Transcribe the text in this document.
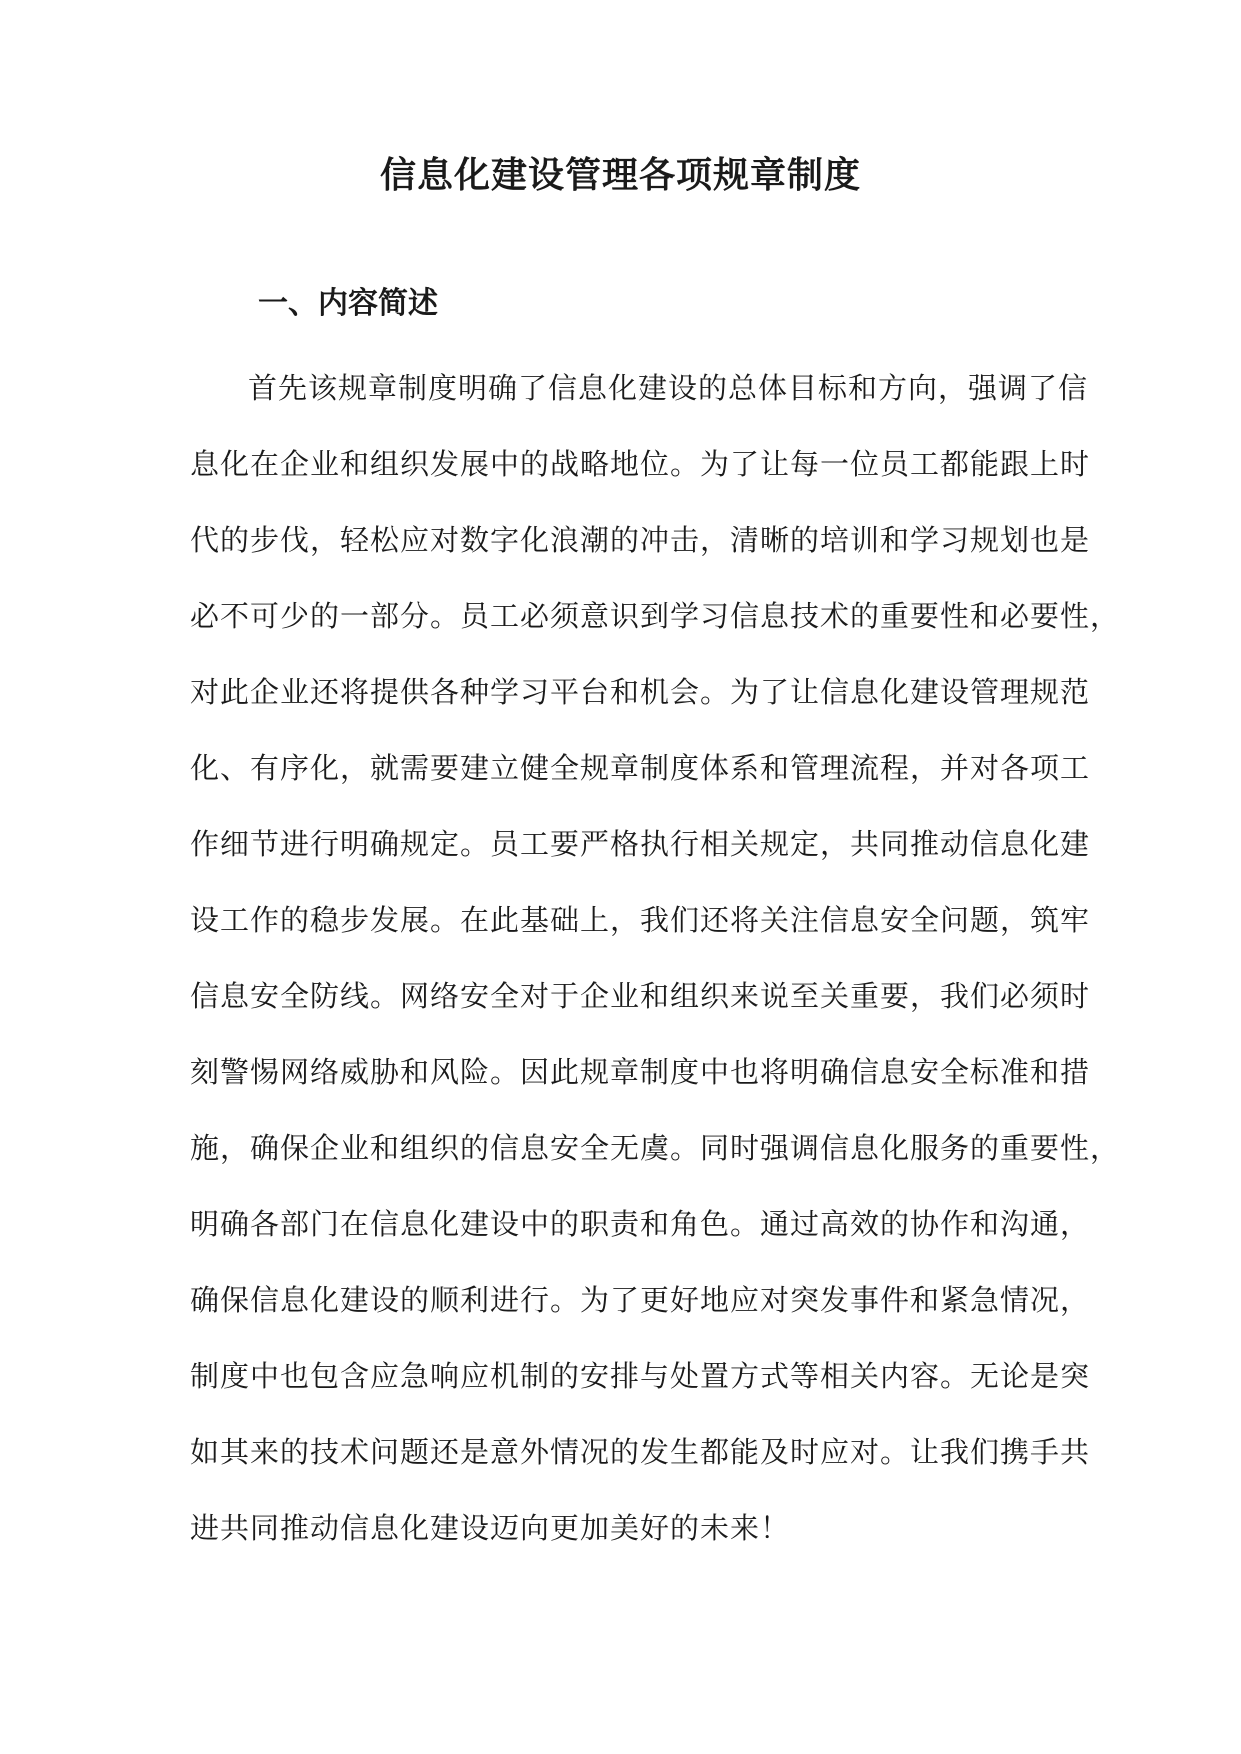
信息化建设管理各项规章制度
一、内容简述
首先该规章制度明确了信息化建设的总体目标和方向，强调了信
息化在企业和组织发展中的战略地位。为了让每一位员工都能跟上时
代的步伐，轻松应对数字化浪潮的冲击，清晰的培训和学习规划也是
必不可少的一部分。员工必须意识到学习信息技术的重要性和必要性，
对此企业还将提供各种学习平台和机会。为了让信息化建设管理规范
化、有序化，就需要建立健全规章制度体系和管理流程，并对各项工
作细节进行明确规定。员工要严格执行相关规定，共同推动信息化建
设工作的稳步发展。在此基础上，我们还将关注信息安全问题，筑牢
信息安全防线。网络安全对于企业和组织来说至关重要，我们必须时
刻警惕网络威胁和风险。因此规章制度中也将明确信息安全标准和措
施，确保企业和组织的信息安全无虞。同时强调信息化服务的重要性，
明确各部门在信息化建设中的职责和角色。通过高效的协作和沟通，
确保信息化建设的顺利进行。为了更好地应对突发事件和紧急情况，
制度中也包含应急响应机制的安排与处置方式等相关内容。无论是突
如其来的技术问题还是意外情况的发生都能及时应对。让我们携手共
进共同推动信息化建设迈向更加美好的未来！
